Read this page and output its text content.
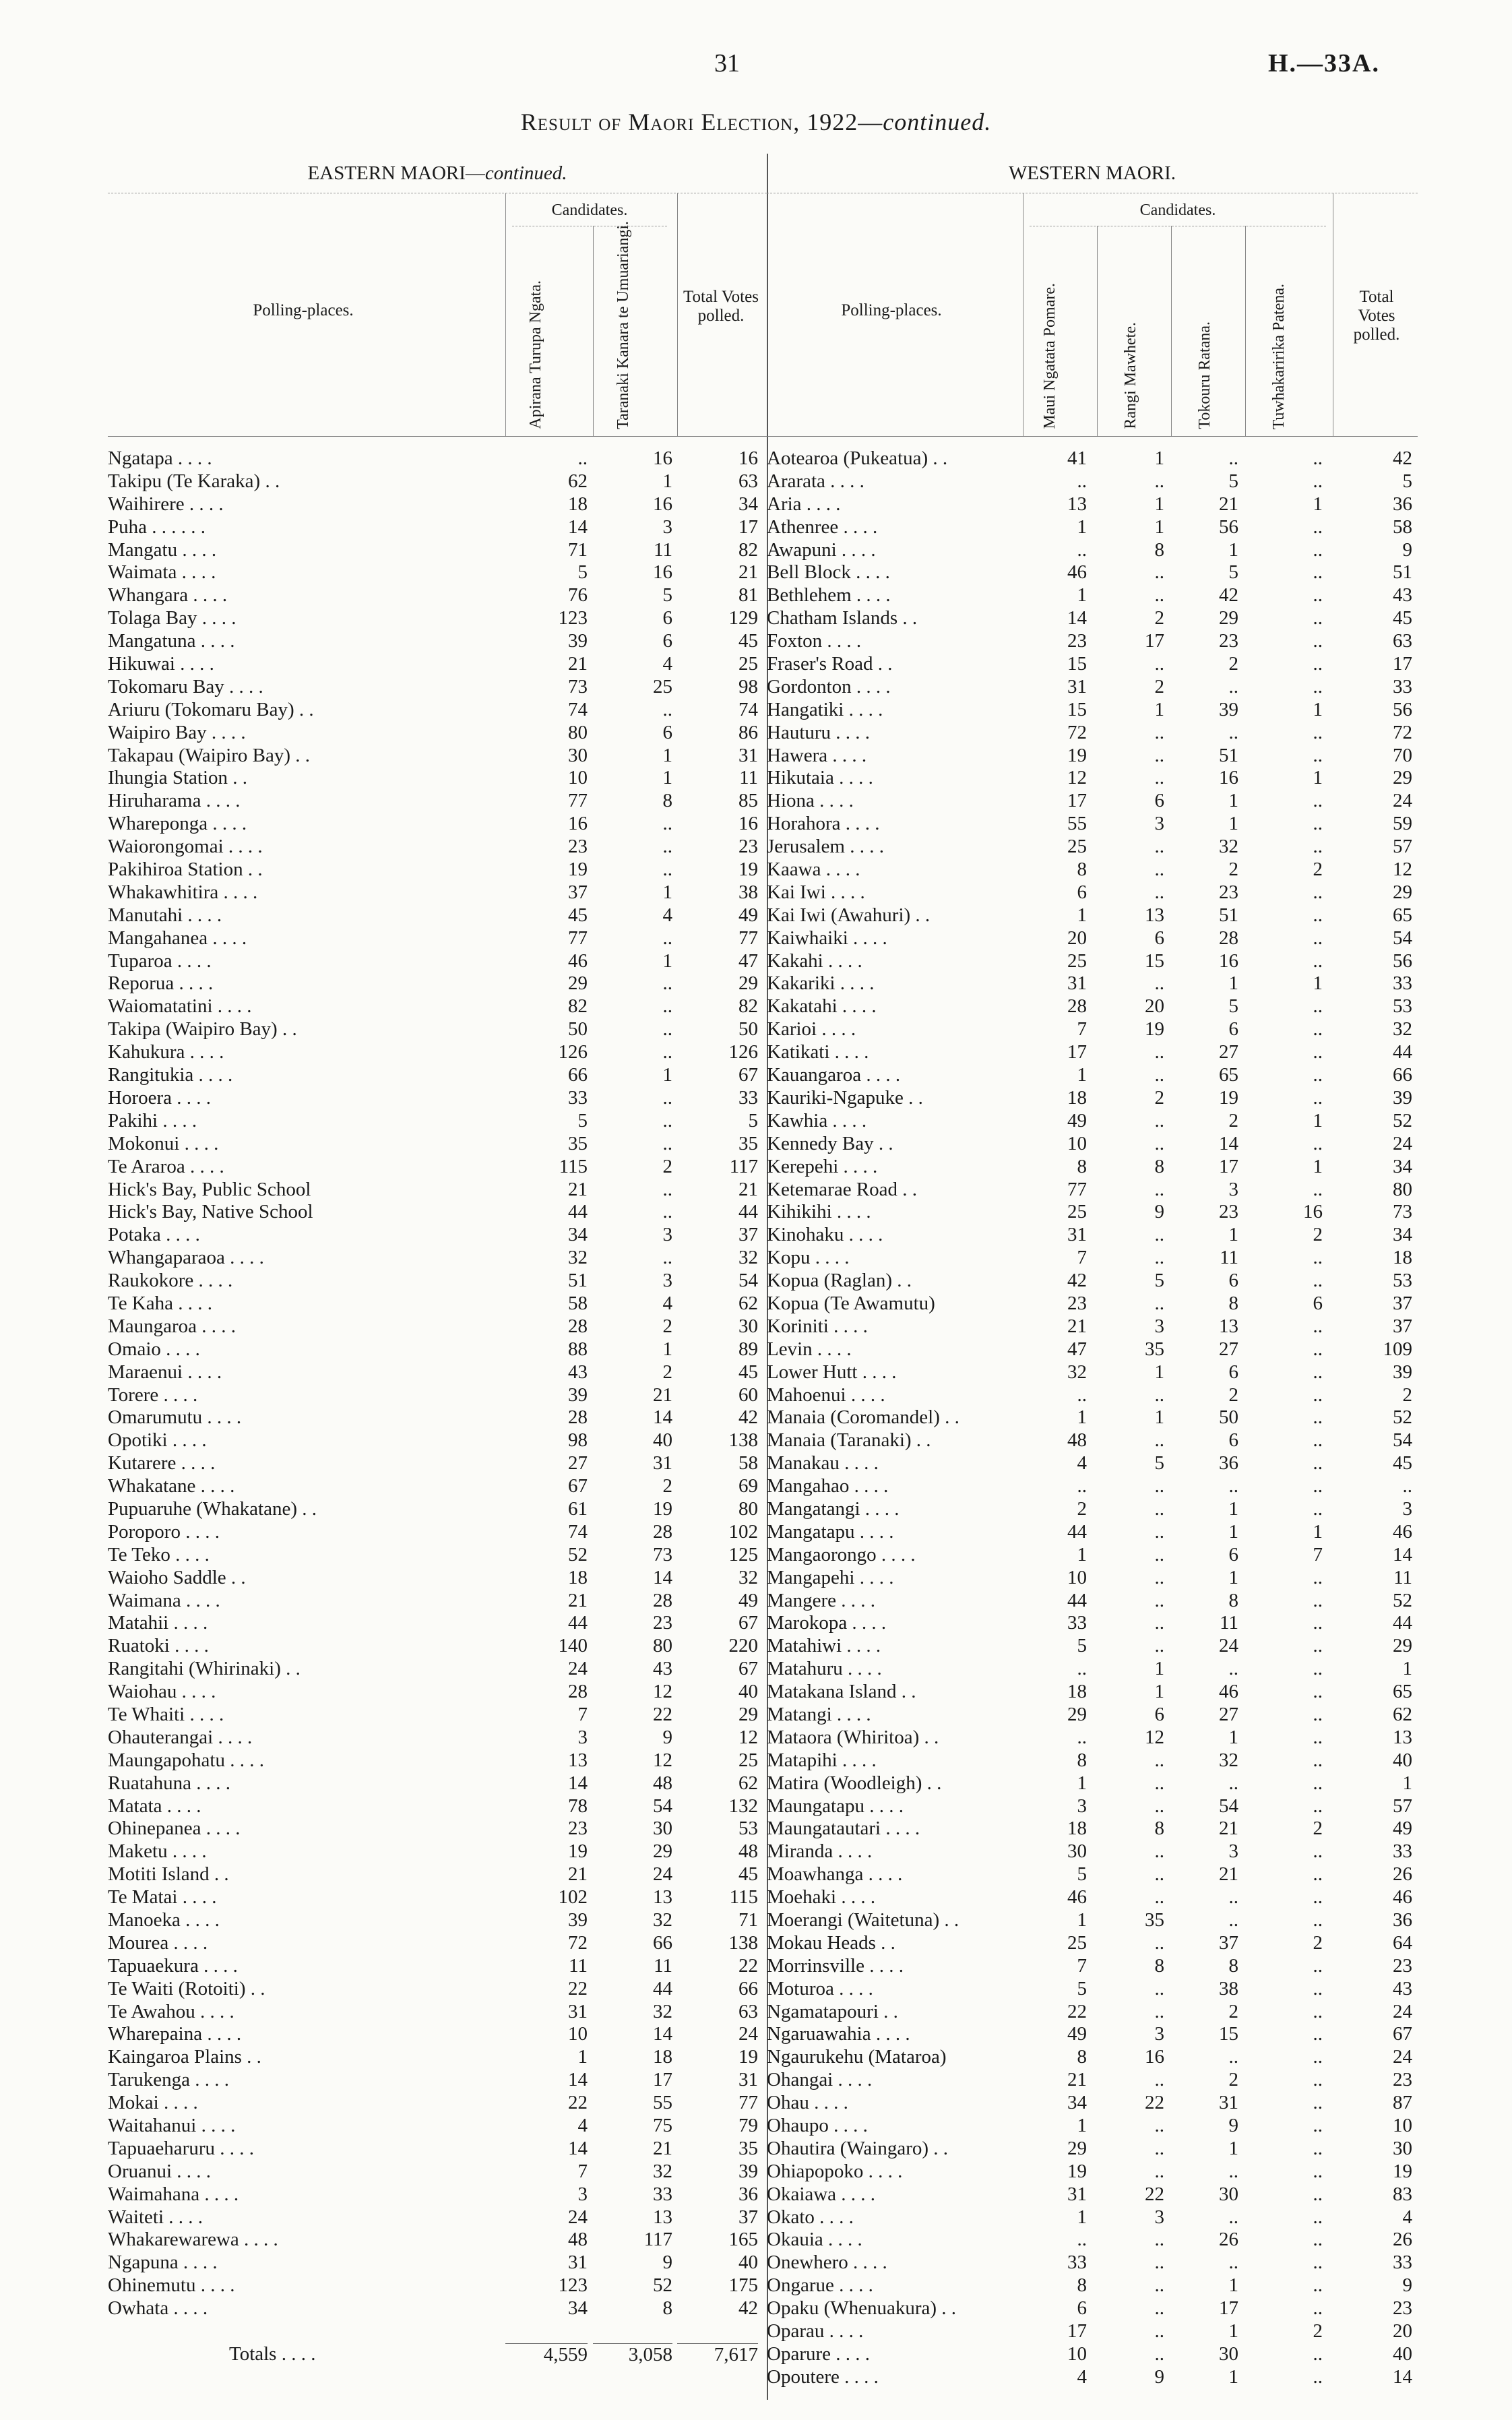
31	H.—33A.
Result of Maori Election, 1922—continued.
EASTERN MAORI—continued.
Polling-places.
Candidates.
Apirana Turupa Ngata.	Taranaki Kanara te Umuariangi.	Total Votes polled.
Ngatapa . . . .	..	16	16
Takipu (Te Karaka) . .	62	1	63
Waihirere . . . .	18	16	34
Puha . . . . . .	14	3	17
Mangatu . . . .	71	11	82
Waimata . . . .	5	16	21
Whangara . . . .	76	5	81
Tolaga Bay . . . .	123	6	129
Mangatuna . . . .	39	6	45
Hikuwai . . . .	21	4	25
Tokomaru Bay . . . .	73	25	98
Ariuru (Tokomaru Bay) . .	74	..	74
Waipiro Bay . . . .	80	6	86
Takapau (Waipiro Bay) . .	30	1	31
Ihungia Station . .	10	1	11
Hiruharama . . . .	77	8	85
Whareponga . . . .	16	..	16
Waiorongomai . . . .	23	..	23
Pakihiroa Station . .	19	..	19
Whakawhitira . . . .	37	1	38
Manutahi . . . .	45	4	49
Mangahanea . . . .	77	..	77
Tuparoa . . . .	46	1	47
Reporua . . . .	29	..	29
Waiomatatini . . . .	82	..	82
Takipa (Waipiro Bay) . .	50	..	50
Kahukura . . . .	126	..	126
Rangitukia . . . .	66	1	67
Horoera . . . .	33	..	33
Pakihi . . . .	5	..	5
Mokonui . . . .	35	..	35
Te Araroa . . . .	115	2	117
Hick's Bay, Public School	21	..	21
Hick's Bay, Native School	44	..	44
Potaka . . . .	34	3	37
Whangaparaoa . . . .	32	..	32
Raukokore . . . .	51	3	54
Te Kaha . . . .	58	4	62
Maungaroa . . . .	28	2	30
Omaio . . . .	88	1	89
Maraenui . . . .	43	2	45
Torere . . . .	39	21	60
Omarumutu . . . .	28	14	42
Opotiki . . . .	98	40	138
Kutarere . . . .	27	31	58
Whakatane . . . .	67	2	69
Pupuaruhe (Whakatane) . .	61	19	80
Poroporo . . . .	74	28	102
Te Teko . . . .	52	73	125
Waioho Saddle . .	18	14	32
Waimana . . . .	21	28	49
Matahii . . . .	44	23	67
Ruatoki . . . .	140	80	220
Rangitahi (Whirinaki) . .	24	43	67
Waiohau . . . .	28	12	40
Te Whaiti . . . .	7	22	29
Ohauterangai . . . .	3	9	12
Maungapohatu . . . .	13	12	25
Ruatahuna . . . .	14	48	62
Matata . . . .	78	54	132
Ohinepanea . . . .	23	30	53
Maketu . . . .	19	29	48
Motiti Island . .	21	24	45
Te Matai . . . .	102	13	115
Manoeka . . . .	39	32	71
Mourea . . . .	72	66	138
Tapuaekura . . . .	11	11	22
Te Waiti (Rotoiti) . .	22	44	66
Te Awahou . . . .	31	32	63
Wharepaina . . . .	10	14	24
Kaingaroa Plains . .	1	18	19
Tarukenga . . . .	14	17	31
Mokai . . . .	22	55	77
Waitahanui . . . .	4	75	79
Tapuaeharuru . . . .	14	21	35
Oruanui . . . .	7	32	39
Waimahana . . . .	3	33	36
Waiteti . . . .	24	13	37
Whakarewarewa . . . .	48	117	165
Ngapuna . . . .	31	9	40
Ohinemutu . . . .	123	52	175
Owhata . . . .	34	8	42
Totals . . . .	4,559	3,058	7,617
WESTERN MAORI.
Polling-places.
Candidates.
Maui Ngatata Pomare.	Rangi Mawhete.	Tokouru Ratana.	Tuwhakaririka Patena.	Total Votes polled.
Aotearoa (Pukeatua) . .	41	1	..	..	42
Ararata . . . .	..	..	5	..	5
Aria . . . .	13	1	21	1	36
Athenree . . . .	1	1	56	..	58
Awapuni . . . .	..	8	1	..	9
Bell Block . . . .	46	..	5	..	51
Bethlehem . . . .	1	..	42	..	43
Chatham Islands . .	14	2	29	..	45
Foxton . . . .	23	17	23	..	63
Fraser's Road . .	15	..	2	..	17
Gordonton . . . .	31	2	..	..	33
Hangatiki . . . .	15	1	39	1	56
Hauturu . . . .	72	..	..	..	72
Hawera . . . .	19	..	51	..	70
Hikutaia . . . .	12	..	16	1	29
Hiona . . . .	17	6	1	..	24
Horahora . . . .	55	3	1	..	59
Jerusalem . . . .	25	..	32	..	57
Kaawa . . . .	8	..	2	2	12
Kai Iwi . . . .	6	..	23	..	29
Kai Iwi (Awahuri) . .	1	13	51	..	65
Kaiwhaiki . . . .	20	6	28	..	54
Kakahi . . . .	25	15	16	..	56
Kakariki . . . .	31	..	1	1	33
Kakatahi . . . .	28	20	5	..	53
Karioi . . . .	7	19	6	..	32
Katikati . . . .	17	..	27	..	44
Kauangaroa . . . .	1	..	65	..	66
Kauriki-Ngapuke . .	18	2	19	..	39
Kawhia . . . .	49	..	2	1	52
Kennedy Bay . .	10	..	14	..	24
Kerepehi . . . .	8	8	17	1	34
Ketemarae Road . .	77	..	3	..	80
Kihikihi . . . .	25	9	23	16	73
Kinohaku . . . .	31	..	1	2	34
Kopu . . . .	7	..	11	..	18
Kopua (Raglan) . .	42	5	6	..	53
Kopua (Te Awamutu)	23	..	8	6	37
Koriniti . . . .	21	3	13	..	37
Levin . . . .	47	35	27	..	109
Lower Hutt . . . .	32	1	6	..	39
Mahoenui . . . .	..	..	2	..	2
Manaia (Coromandel) . .	1	1	50	..	52
Manaia (Taranaki) . .	48	..	6	..	54
Manakau . . . .	4	5	36	..	45
Mangahao . . . .	..	..	..	..	..
Mangatangi . . . .	2	..	1	..	3
Mangatapu . . . .	44	..	1	1	46
Mangaorongo . . . .	1	..	6	7	14
Mangapehi . . . .	10	..	1	..	11
Mangere . . . .	44	..	8	..	52
Marokopa . . . .	33	..	11	..	44
Matahiwi . . . .	5	..	24	..	29
Matahuru . . . .	..	1	..	..	1
Matakana Island . .	18	1	46	..	65
Matangi . . . .	29	6	27	..	62
Mataora (Whiritoa) . .	..	12	1	..	13
Matapihi . . . .	8	..	32	..	40
Matira (Woodleigh) . .	1	..	..	..	1
Maungatapu . . . .	3	..	54	..	57
Maungatautari . . . .	18	8	21	2	49
Miranda . . . .	30	..	3	..	33
Moawhanga . . . .	5	..	21	..	26
Moehaki . . . .	46	..	..	..	46
Moerangi (Waitetuna) . .	1	35	..	..	36
Mokau Heads . .	25	..	37	2	64
Morrinsville . . . .	7	8	8	..	23
Moturoa . . . .	5	..	38	..	43
Ngamatapouri . .	22	..	2	..	24
Ngaruawahia . . . .	49	3	15	..	67
Ngaurukehu (Mataroa)	8	16	..	..	24
Ohangai . . . .	21	..	2	..	23
Ohau . . . .	34	22	31	..	87
Ohaupo . . . .	1	..	9	..	10
Ohautira (Waingaro) . .	29	..	1	..	30
Ohiapopoko . . . .	19	..	..	..	19
Okaiawa . . . .	31	22	30	..	83
Okato . . . .	1	3	..	..	4
Okauia . . . .	..	..	26	..	26
Onewhero . . . .	33	..	..	..	33
Ongarue . . . .	8	..	1	..	9
Opaku (Whenuakura) . .	6	..	17	..	23
Oparau . . . .	17	..	1	2	20
Oparure . . . .	10	..	30	..	40
Opoutere . . . .	4	9	1	..	14
